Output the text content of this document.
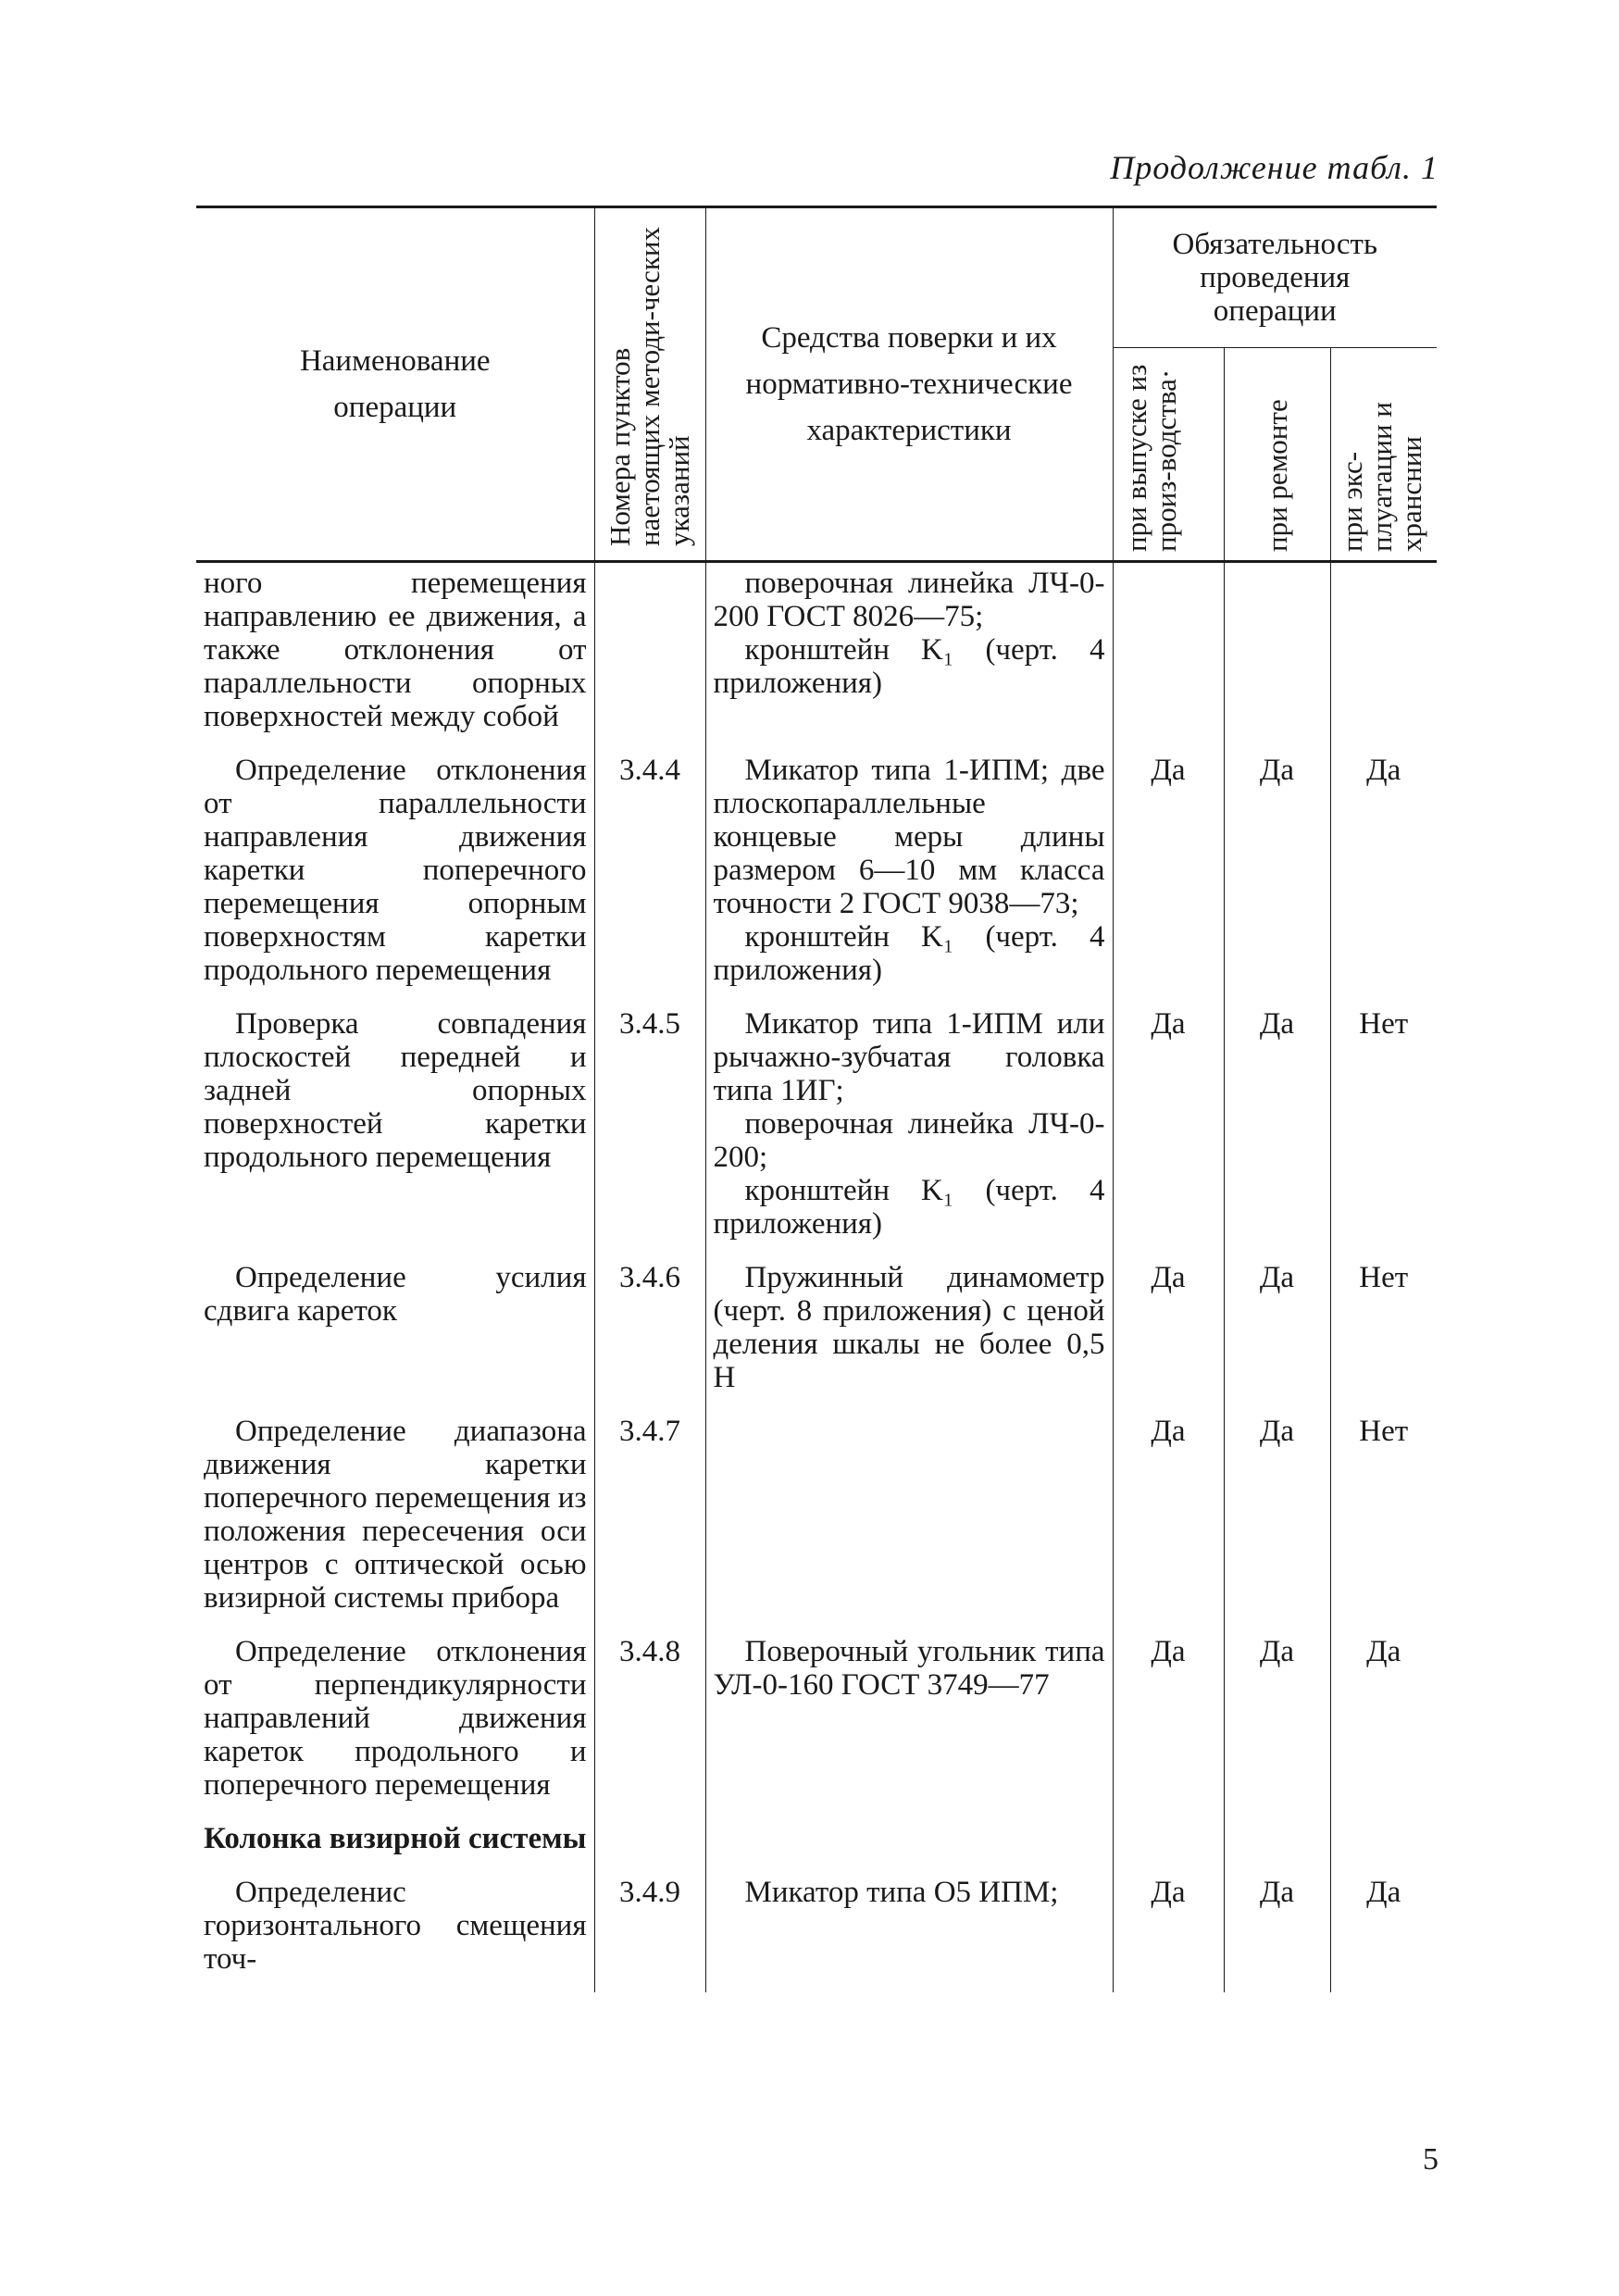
Продолжение табл. 1
Наименование операции	Номера пунктов наетоящих методи-ческих указаний	Средства поверки и их нормативно-технические характеристики	Обязательность проведения операции		

			при выпуске из произ-водства·	при ремонте	при экс-плуатации и хранснии

ного перемещения направлению ее движения, а также отклонения от параллельности опорных поверхностей между собой		поверочная линейка ЛЧ-0-200 ГОСТ 8026—75;
кронштейн K₁ (черт. 4 приложения)			

Определение отклонения от параллельности направления движения каретки поперечного перемещения опорным поверхностям каретки продольного перемещения	3.4.4	Микатор типа 1-ИПМ; две плоскопараллельные концевые меры длины размером 6—10 мм класса точности 2 ГОСТ 9038—73;
кронштейн K₁ (черт. 4 приложения)	Да	Да	Да
Проверка совпадения плоскостей передней и задней опорных поверхностей каретки продольного перемещения	3.4.5	Микатор типа 1-ИПМ или рычажно-зубчатая головка типа 1ИГ;
поверочная линейка ЛЧ-0-200;
кронштейн K₁ (черт. 4 приложения)	Да	Да	Нет
Определение усилия сдвига кареток	3.4.6	Пружинный динамометр (черт. 8 приложения) с ценой деления шкалы не более 0,5 Н	Да	Да	Нет
Определение диапазона движения каретки поперечного перемещения из положения пересечения оси центров с оптической осью визирной системы прибора	3.4.7		Да	Да	Нет
Определение отклонения от перпендикулярности направлений движения кареток продольного и поперечного перемещения	3.4.8	Поверочный угольник типа УЛ-0-160 ГОСТ 3749—77	Да	Да	Да
Колонка визирной системы					
Определенис горизонтального смещения точ-	3.4.9	Микатор типа О5 ИПМ;	Да	Да	Да
5
